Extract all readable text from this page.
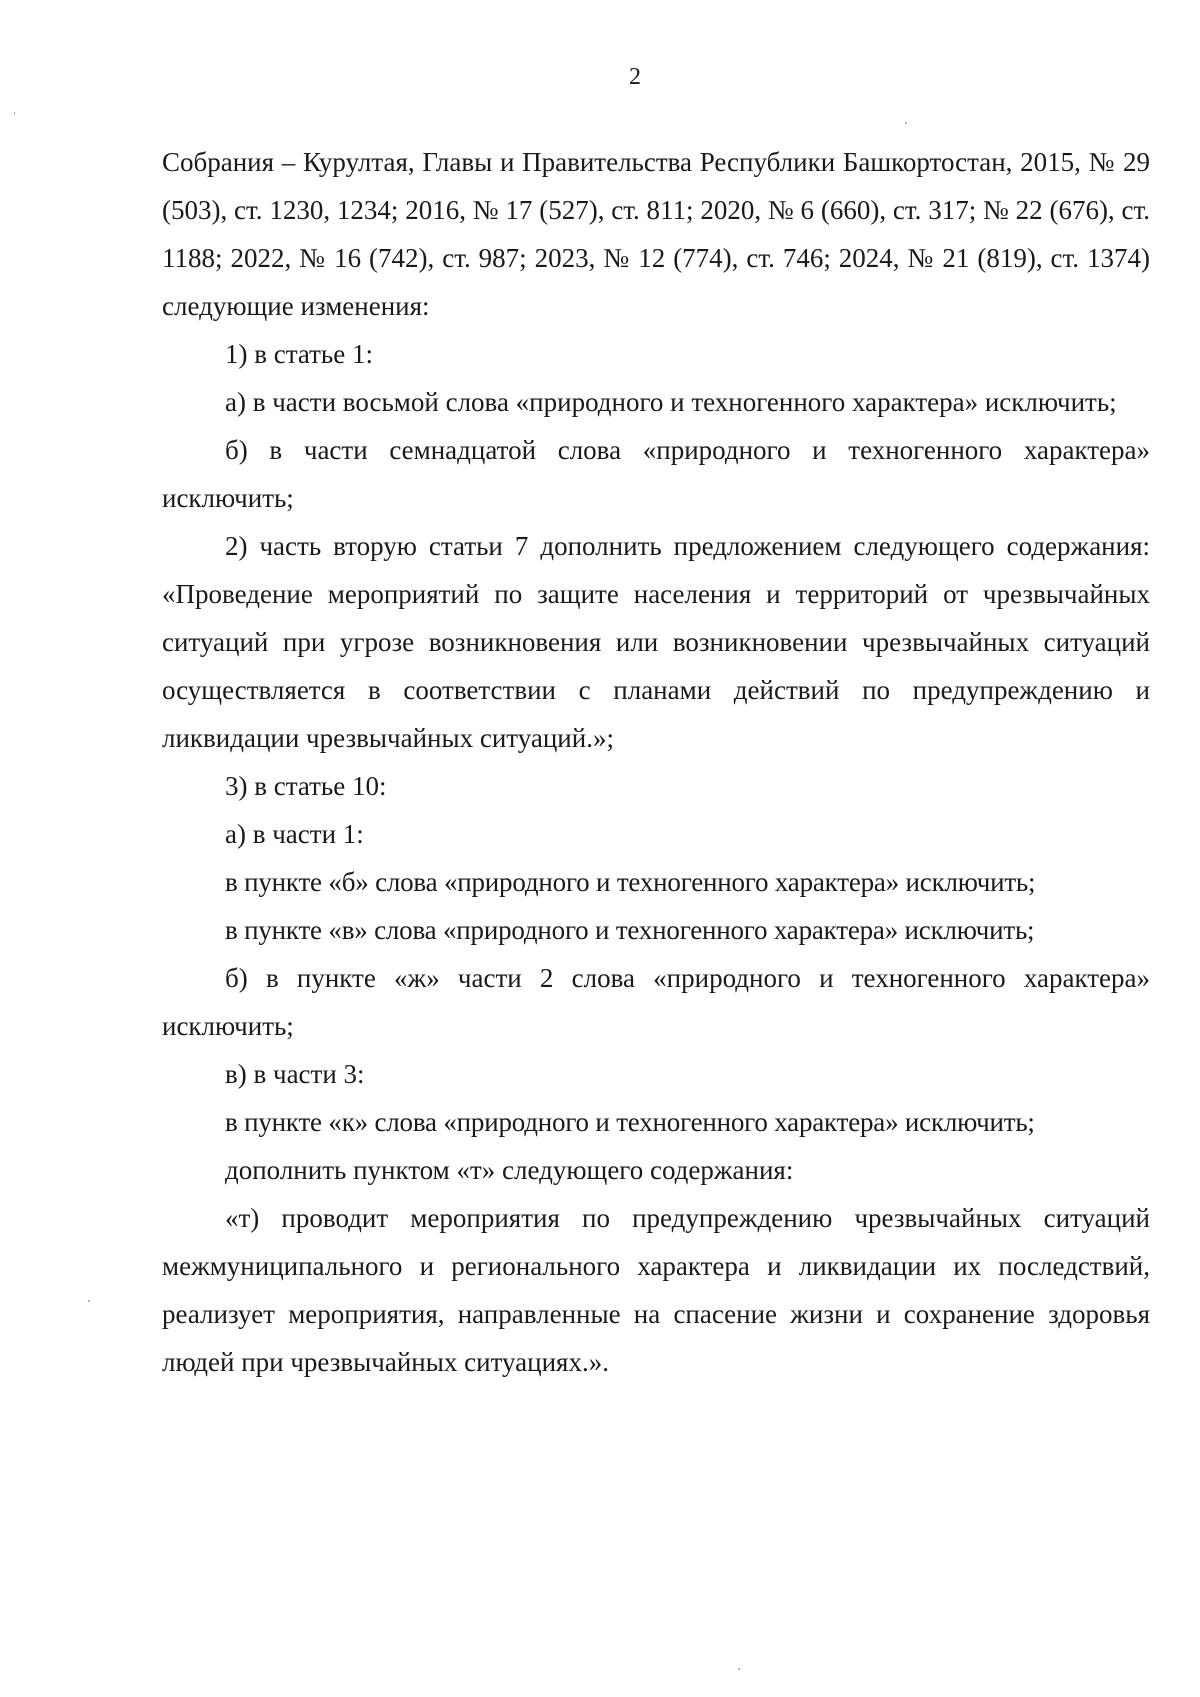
2

Собрания – Курултая, Главы и Правительства Республики Башкортостан, 2015, № 29 (503), ст. 1230, 1234; 2016, № 17 (527), ст. 811; 2020, № 6 (660), ст. 317; № 22 (676), ст. 1188; 2022, № 16 (742), ст. 987; 2023, № 12 (774), ст. 746; 2024, № 21 (819), ст. 1374) следующие изменения:

1) в статье 1:

а) в части восьмой слова «природного и техногенного характера» исключить;

б) в части семнадцатой слова «природного и техногенного характера» исключить;

2) часть вторую статьи 7 дополнить предложением следующего содержания: «Проведение мероприятий по защите населения и территорий от чрезвычайных ситуаций при угрозе возникновения или возникновении чрезвычайных ситуаций осуществляется в соответствии с планами действий по предупреждению и ликвидации чрезвычайных ситуаций.»;

3) в статье 10:

а) в части 1:

в пункте «б» слова «природного и техногенного характера» исключить;

в пункте «в» слова «природного и техногенного характера» исключить;

б) в пункте «ж» части 2 слова «природного и техногенного характера» исключить;

в) в части 3:

в пункте «к» слова «природного и техногенного характера» исключить;

дополнить пунктом «т» следующего содержания:

«т) проводит мероприятия по предупреждению чрезвычайных ситуаций межмуниципального и регионального характера и ликвидации их последствий, реализует мероприятия, направленные на спасение жизни и сохранение здоровья людей при чрезвычайных ситуациях.».
